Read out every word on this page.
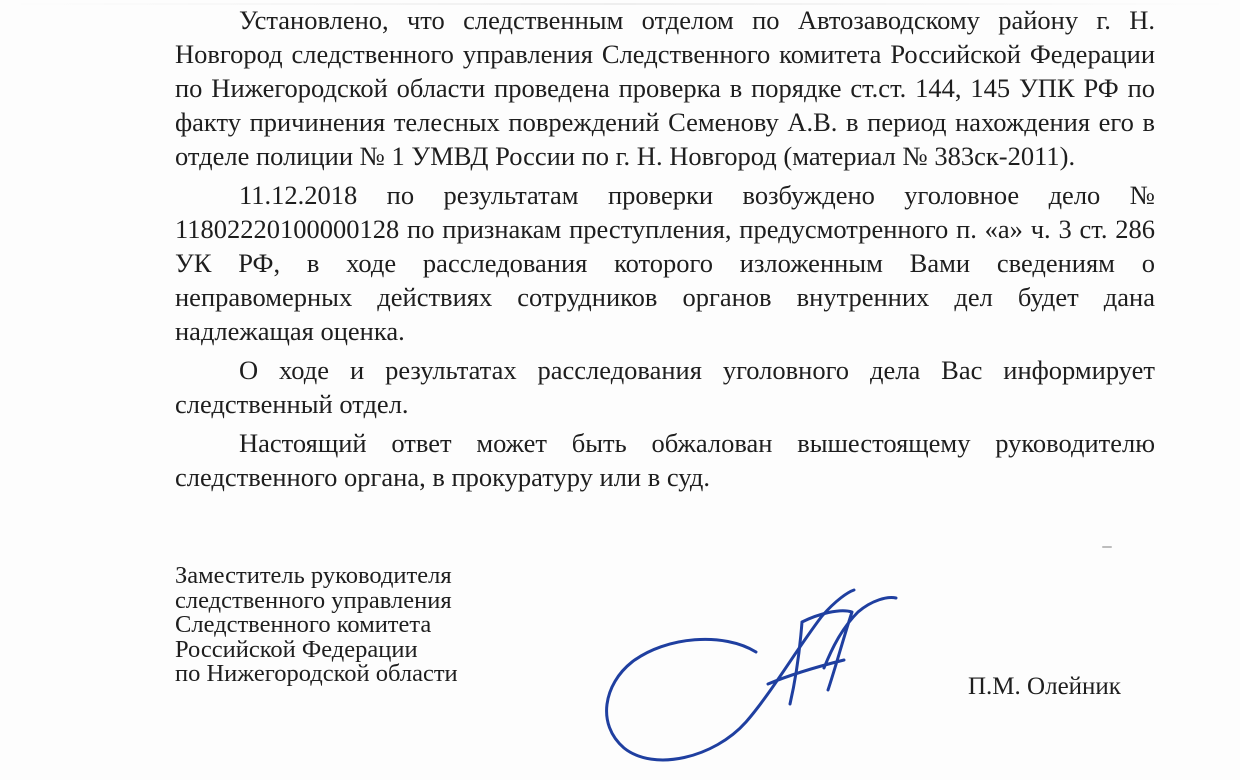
Установлено, что следственным отделом по Автозаводскому району г. Н. Новгород следственного управления Следственного комитета Российской Федерации по Нижегородской области проведена проверка в порядке ст.ст. 144, 145 УПК РФ по факту причинения телесных повреждений Семенову А.В. в период нахождения его в отделе полиции № 1 УМВД России по г. Н. Новгород (материал № 383ск-2011).

11.12.2018 по результатам проверки возбуждено уголовное дело № 11802220100000128 по признакам преступления, предусмотренного п. «а» ч. 3 ст. 286 УК РФ, в ходе расследования которого изложенным Вами сведениям о неправомерных действиях сотрудников органов внутренних дел будет дана надлежащая оценка.

О ходе и результатах расследования уголовного дела Вас информирует следственный отдел.

Настоящий ответ может быть обжалован вышестоящему руководителю следственного органа, в прокуратуру или в суд.

Заместитель руководителя
следственного управления
Следственного комитета
Российской Федерации
по Нижегородской области	П.М. Олейник
